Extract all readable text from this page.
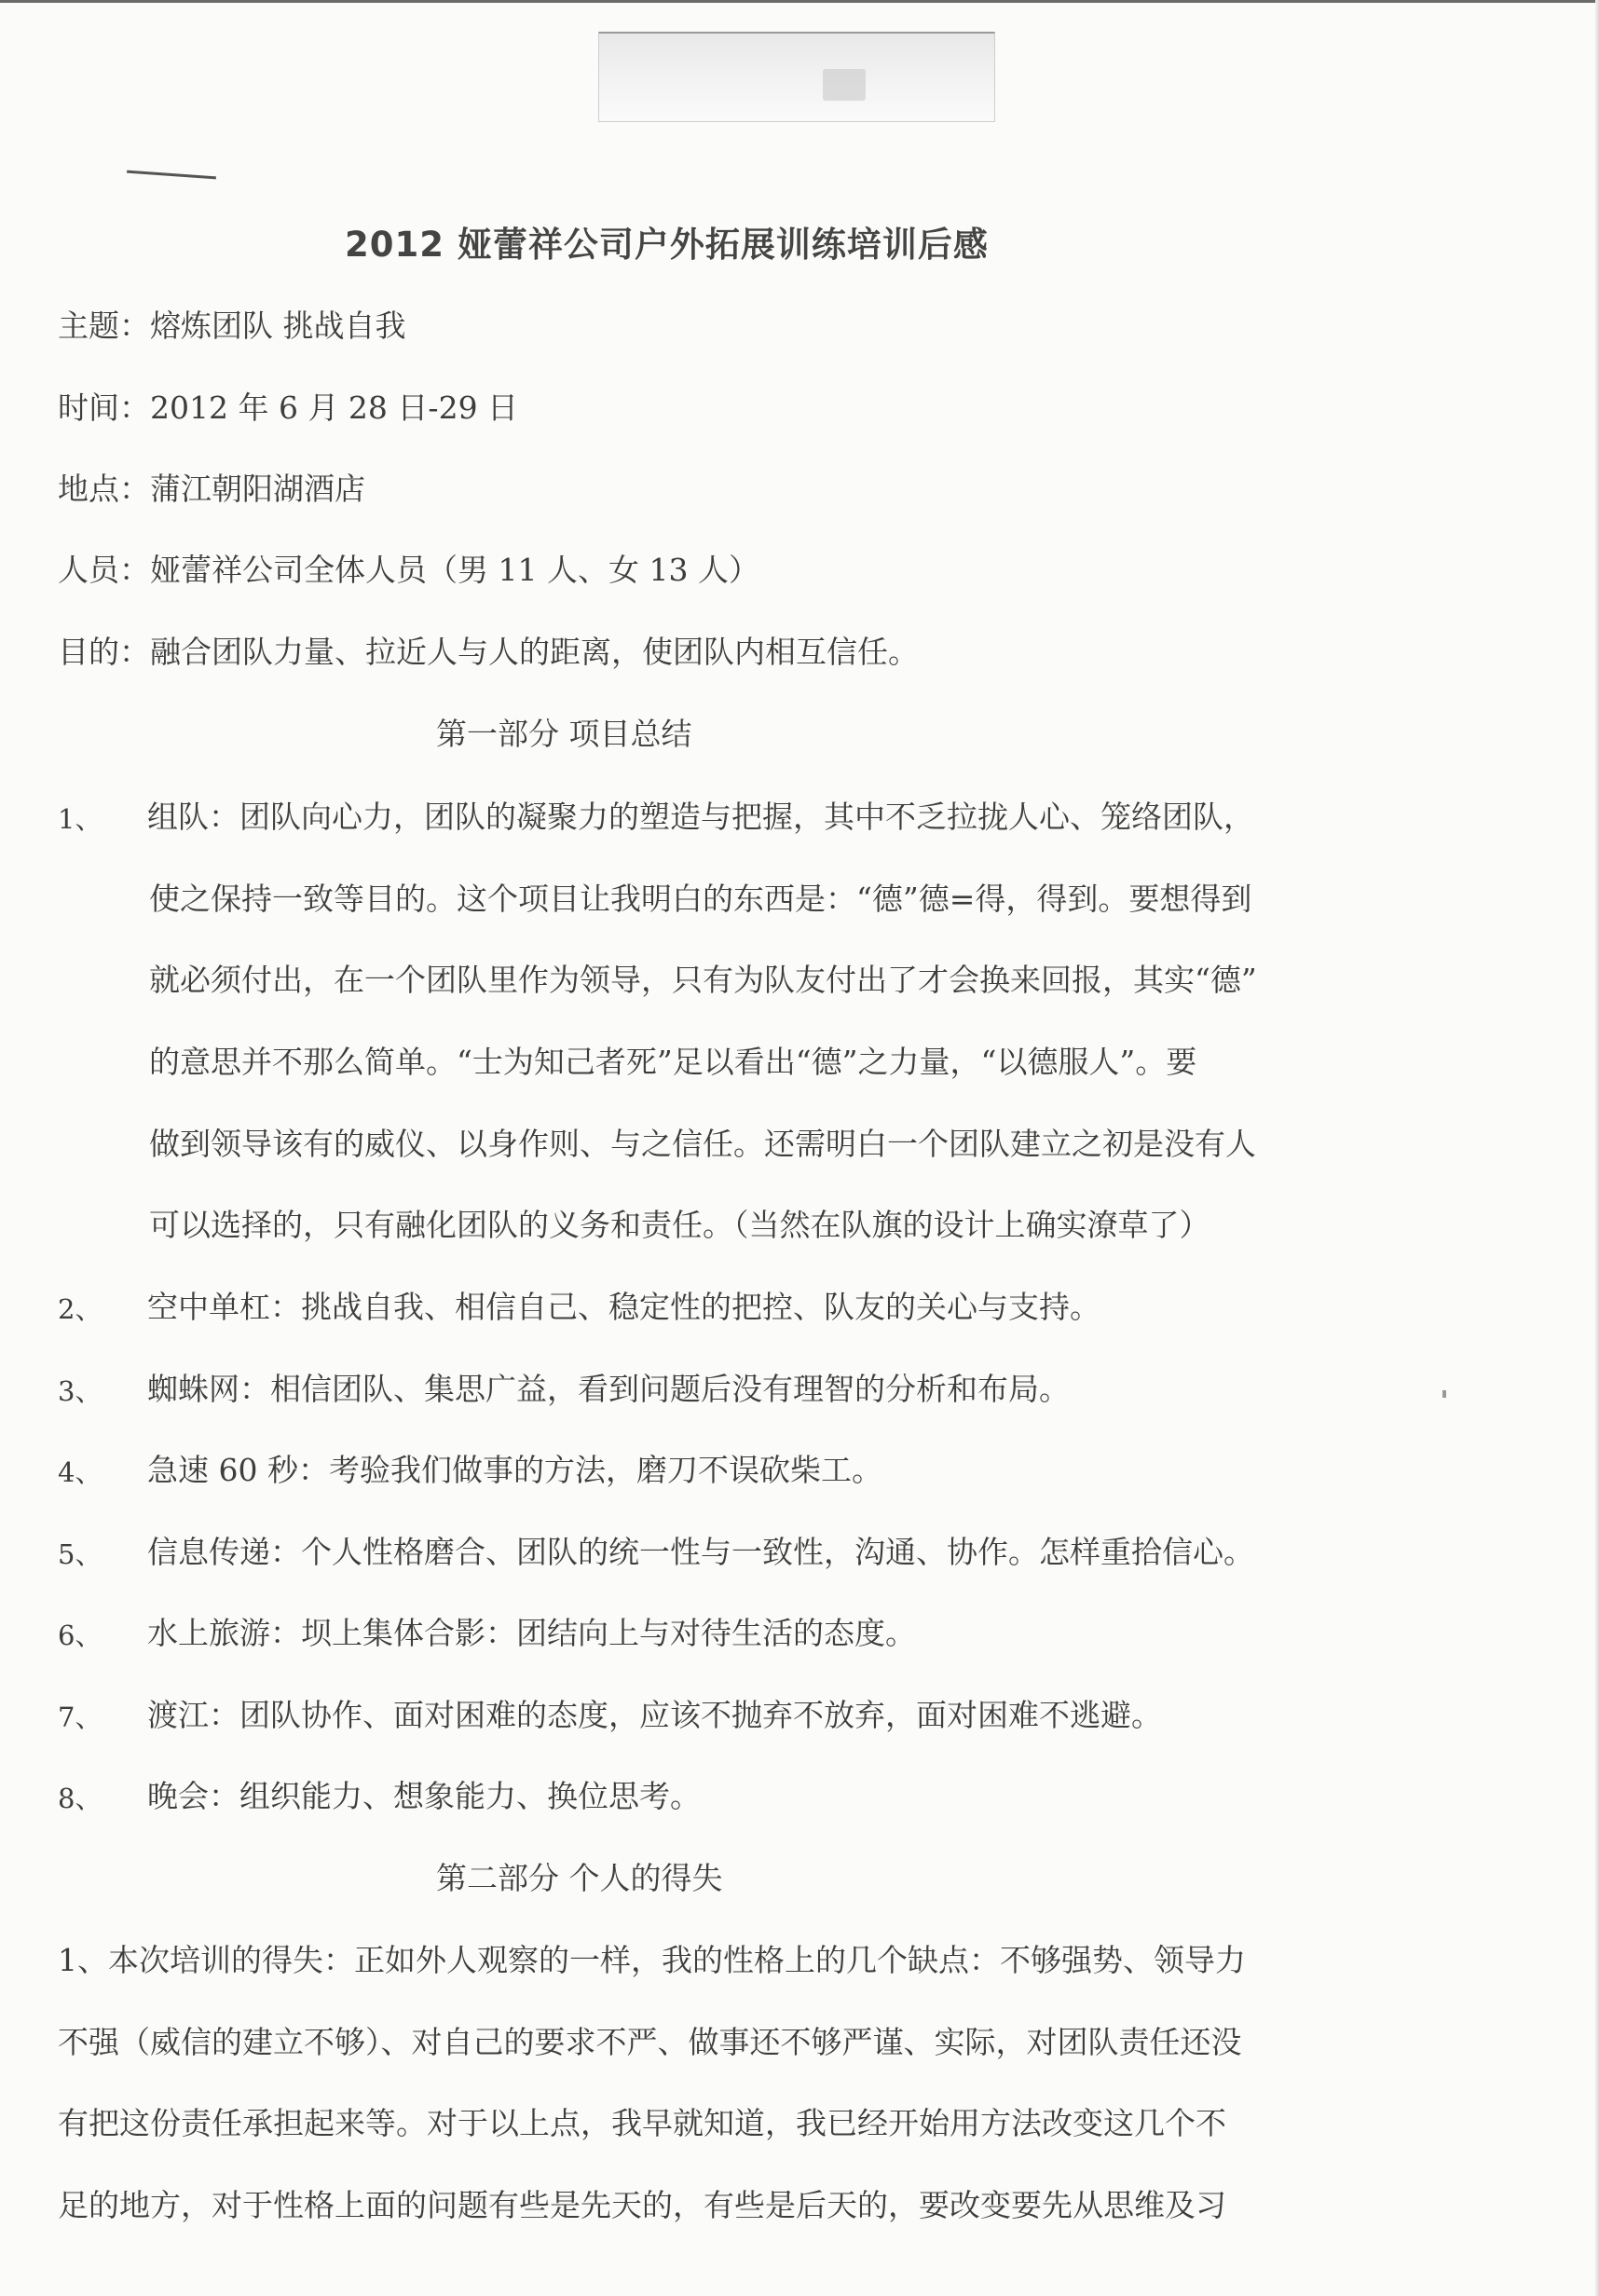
2012 娅蕾祥公司户外拓展训练培训后感
主题：熔炼团队 挑战自我
时间：2012 年 6 月 28 日-29 日
地点：蒲江朝阳湖酒店
人员：娅蕾祥公司全体人员（男 11 人、女 13 人）
目的：融合团队力量、拉近人与人的距离，使团队内相互信任。
第一部分 项目总结
1、 组队：团队向心力，团队的凝聚力的塑造与把握，其中不乏拉拢人心、笼络团队，
使之保持一致等目的。这个项目让我明白的东西是：“德”德=得，得到。要想得到
就必须付出，在一个团队里作为领导，只有为队友付出了才会换来回报，其实“德”
的意思并不那么简单。“士为知己者死”足以看出“德”之力量，“以德服人”。要
做到领导该有的威仪、以身作则、与之信任。还需明白一个团队建立之初是没有人
可以选择的，只有融化团队的义务和责任。（当然在队旗的设计上确实潦草了）
2、 空中单杠：挑战自我、相信自己、稳定性的把控、队友的关心与支持。
3、 蜘蛛网：相信团队、集思广益，看到问题后没有理智的分析和布局。
4、 急速 60 秒：考验我们做事的方法，磨刀不误砍柴工。
5、 信息传递：个人性格磨合、团队的统一性与一致性，沟通、协作。怎样重拾信心。
6、 水上旅游：坝上集体合影：团结向上与对待生活的态度。
7、 渡江：团队协作、面对困难的态度，应该不抛弃不放弃，面对困难不逃避。
8、 晚会：组织能力、想象能力、换位思考。
第二部分 个人的得失
1、本次培训的得失：正如外人观察的一样，我的性格上的几个缺点：不够强势、领导力
不强（威信的建立不够）、对自己的要求不严、做事还不够严谨、实际，对团队责任还没
有把这份责任承担起来等。对于以上点，我早就知道，我已经开始用方法改变这几个不
足的地方，对于性格上面的问题有些是先天的，有些是后天的，要改变要先从思维及习
